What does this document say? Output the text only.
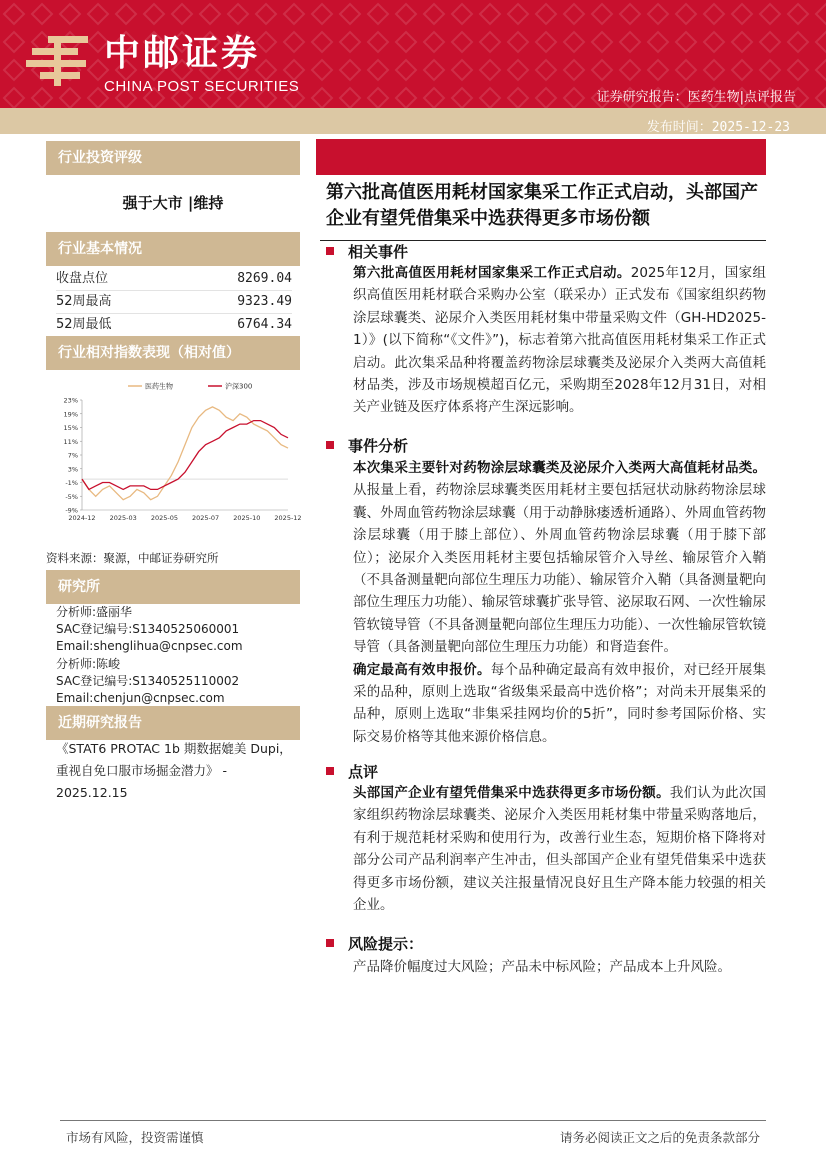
中邮证券
CHINA POST SECURITIES
证券研究报告：医药生物|点评报告
发布时间：2025-12-23
行业投资评级
强于大市 |维持
行业基本情况
收盘点位	8269.04
52周最高	9323.49
52周最低	6764.34
行业相对指数表现（相对值）
23%
19%
15%
11%
7%
3%
-1%
-5%
-9%
2024-12 2025-03 2025-05 2025-07 2025-10 2025-12
医药生物	沪深300
资料来源：聚源，中邮证券研究所
研究所
分析师:盛丽华
SAC登记编号:S1340525060001
Email:shenglihua@cnpsec.com
分析师:陈峻
SAC登记编号:S1340525110002
Email:chenjun@cnpsec.com
近期研究报告
《STAT6 PROTAC 1b 期数据媲美 Dupi，重视自免口服市场掘金潜力》 - 2025.12.15
第六批高值医用耗材国家集采工作正式启动，头部国产企业有望凭借集采中选获得更多市场份额
相关事件
第六批高值医用耗材国家集采工作正式启动。2025年12月，国家组织高值医用耗材联合采购办公室（联采办）正式发布《国家组织药物涂层球囊类、泌尿介入类医用耗材集中带量采购文件（GH-HD2025-1）》(以下简称“《文件》”)，标志着第六批高值医用耗材集采工作正式启动。此次集采品种将覆盖药物涂层球囊类及泌尿介入类两大高值耗材品类，涉及市场规模超百亿元，采购期至2028年12月31日，对相关产业链及医疗体系将产生深远影响。
事件分析
本次集采主要针对药物涂层球囊类及泌尿介入类两大高值耗材品类。从报量上看，药物涂层球囊类医用耗材主要包括冠状动脉药物涂层球囊、外周血管药物涂层球囊（用于动静脉瘘透析通路）、外周血管药物涂层球囊（用于膝上部位）、外周血管药物涂层球囊（用于膝下部位）；泌尿介入类医用耗材主要包括输尿管介入导丝、输尿管介入鞘（不具备测量靶向部位生理压力功能）、输尿管介入鞘（具备测量靶向部位生理压力功能）、输尿管球囊扩张导管、泌尿取石网、一次性输尿管软镜导管（不具备测量靶向部位生理压力功能）、一次性输尿管软镜导管（具备测量靶向部位生理压力功能）和肾造套件。
确定最高有效申报价。每个品种确定最高有效申报价，对已经开展集采的品种，原则上选取“省级集采最高中选价格”；对尚未开展集采的品种，原则上选取“非集采挂网均价的5折”，同时参考国际价格、实际交易价格等其他来源价格信息。
点评
头部国产企业有望凭借集采中选获得更多市场份额。我们认为此次国家组织药物涂层球囊类、泌尿介入类医用耗材集中带量采购落地后，有利于规范耗材采购和使用行为，改善行业生态，短期价格下降将对部分公司产品利润率产生冲击，但头部国产企业有望凭借集采中选获得更多市场份额，建议关注报量情况良好且生产降本能力较强的相关企业。
风险提示：
产品降价幅度过大风险；产品未中标风险；产品成本上升风险。
市场有风险，投资需谨慎	请务必阅读正文之后的免责条款部分
